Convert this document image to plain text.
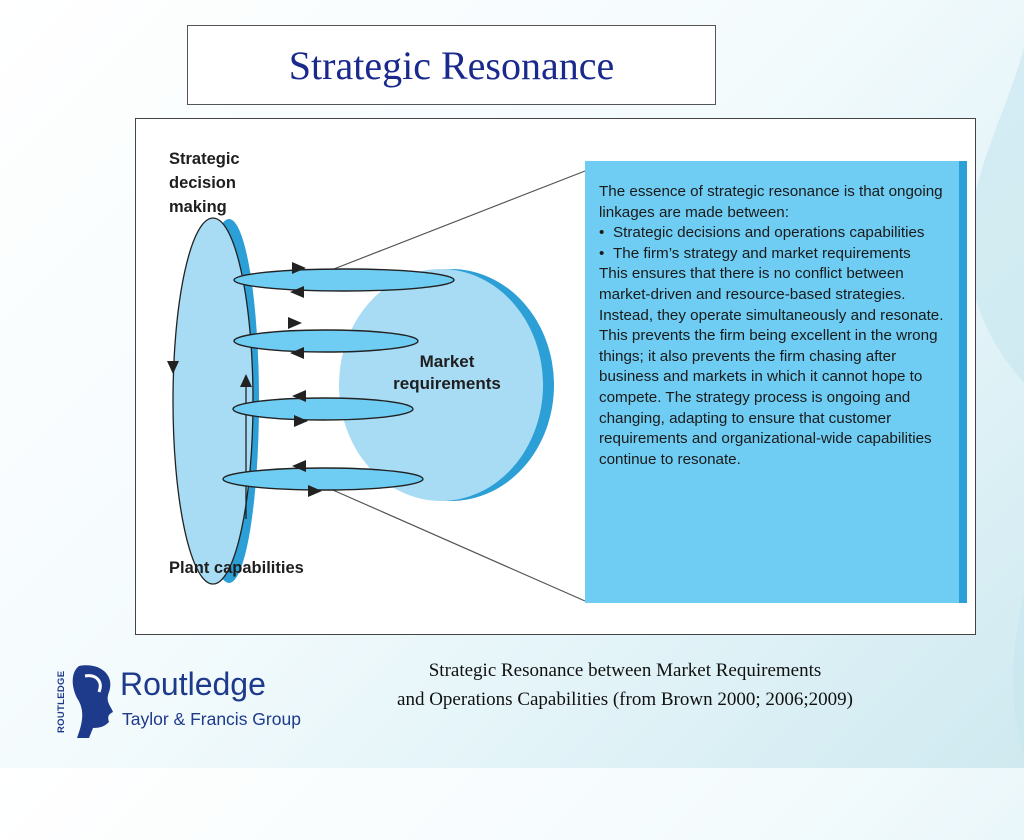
Strategic Resonance
Strategic
decision
making
Plant capabilities
Market
requirements

The essence of strategic resonance is that ongoing linkages are made between:

• Strategic decisions and operations capabilities
• The firm’s strategy and market requirements

This ensures that there is no conflict between market-driven and resource-based strategies. Instead, they operate simultaneously and resonate. This prevents the firm being excellent in the wrong things; it also prevents the firm chasing after business and markets in which it cannot hope to compete. The strategy process is ongoing and changing, adapting to ensure that customer requirements and organizational-wide capabilities continue to resonate.

Strategic Resonance between Market Requirements
and Operations Capabilities (from Brown 2000; 2006;2009)
ROUTLEDGE Routledge
Taylor & Francis Group
